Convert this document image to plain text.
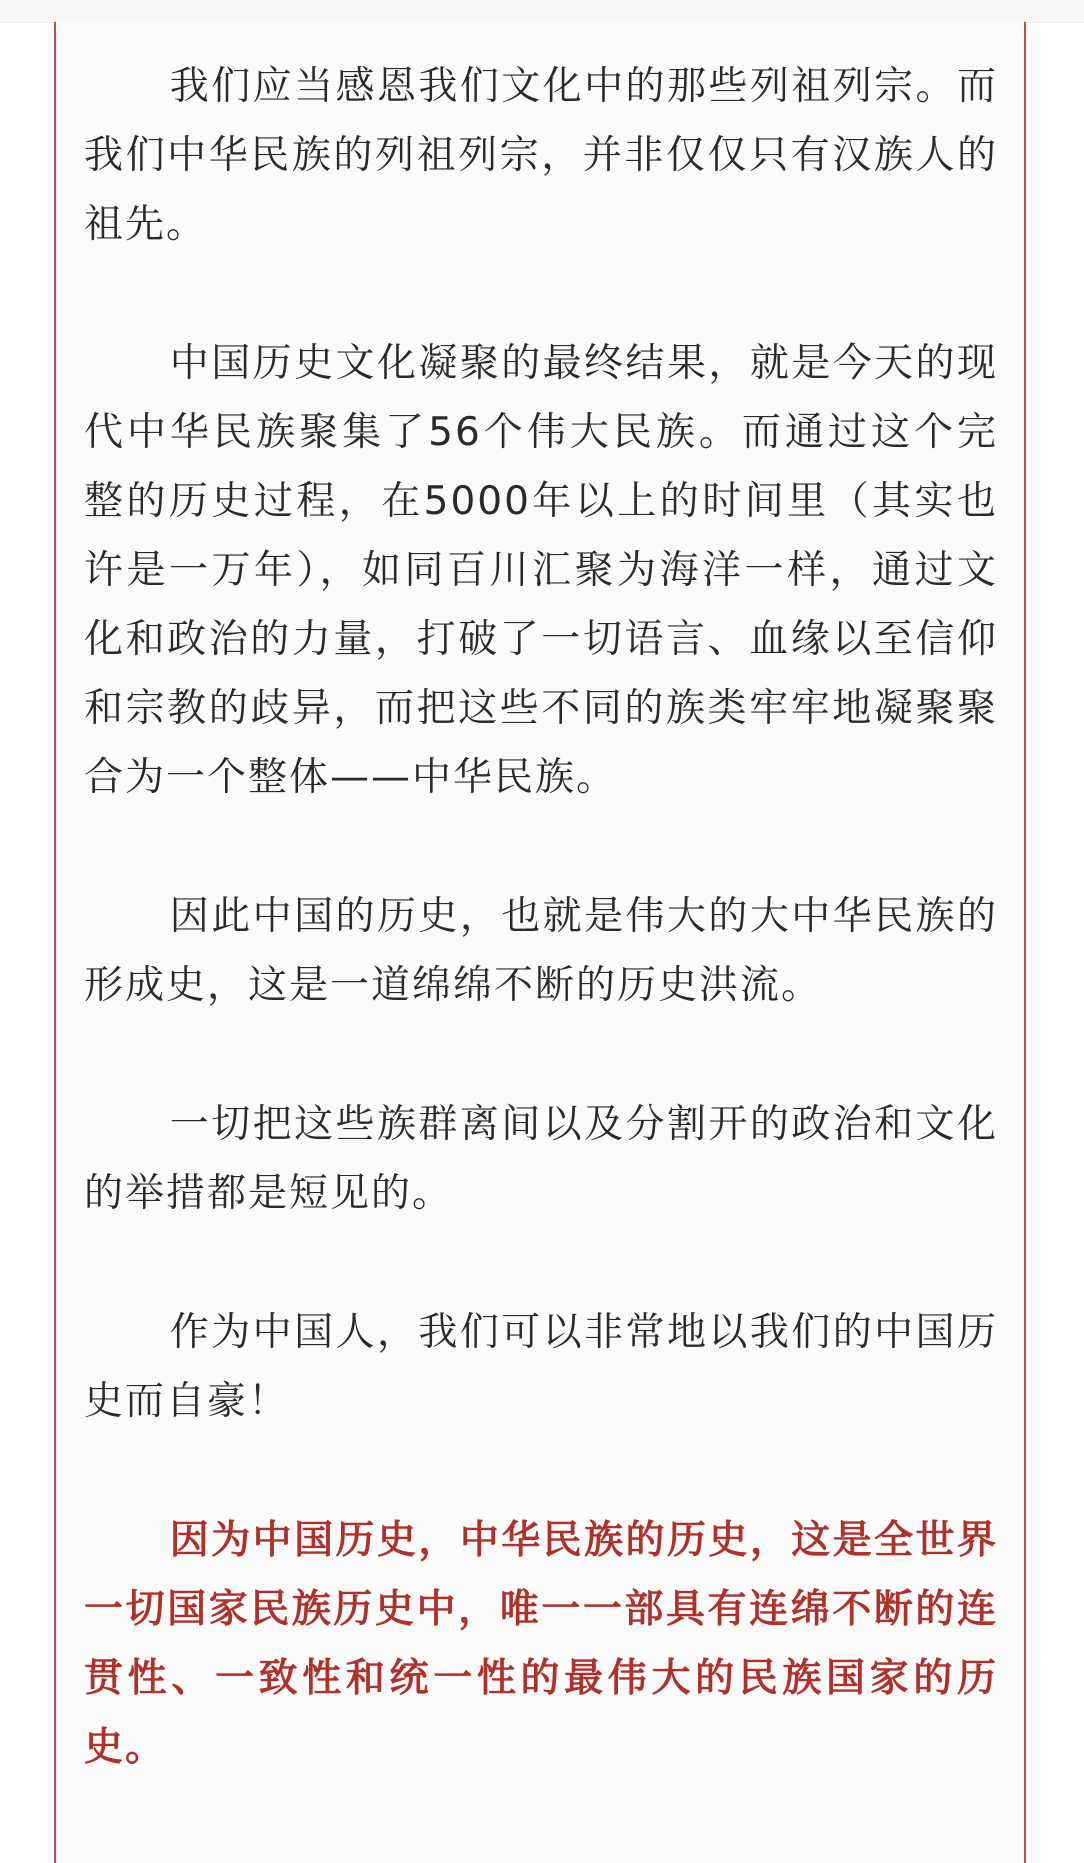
我们应当感恩我们文化中的那些列祖列宗。而我们中华民族的列祖列宗，并非仅仅只有汉族人的祖先。

中国历史文化凝聚的最终结果，就是今天的现代中华民族聚集了56个伟大民族。而通过这个完整的历史过程，在5000年以上的时间里（其实也许是一万年），如同百川汇聚为海洋一样，通过文化和政治的力量，打破了一切语言、血缘以至信仰和宗教的歧异，而把这些不同的族类牢牢地凝聚聚合为一个整体——中华民族。

因此中国的历史，也就是伟大的大中华民族的形成史，这是一道绵绵不断的历史洪流。

一切把这些族群离间以及分割开的政治和文化的举措都是短见的。

作为中国人，我们可以非常地以我们的中国历史而自豪！

因为中国历史，中华民族的历史，这是全世界一切国家民族历史中，唯一一部具有连绵不断的连贯性、一致性和统一性的最伟大的民族国家的历史。
